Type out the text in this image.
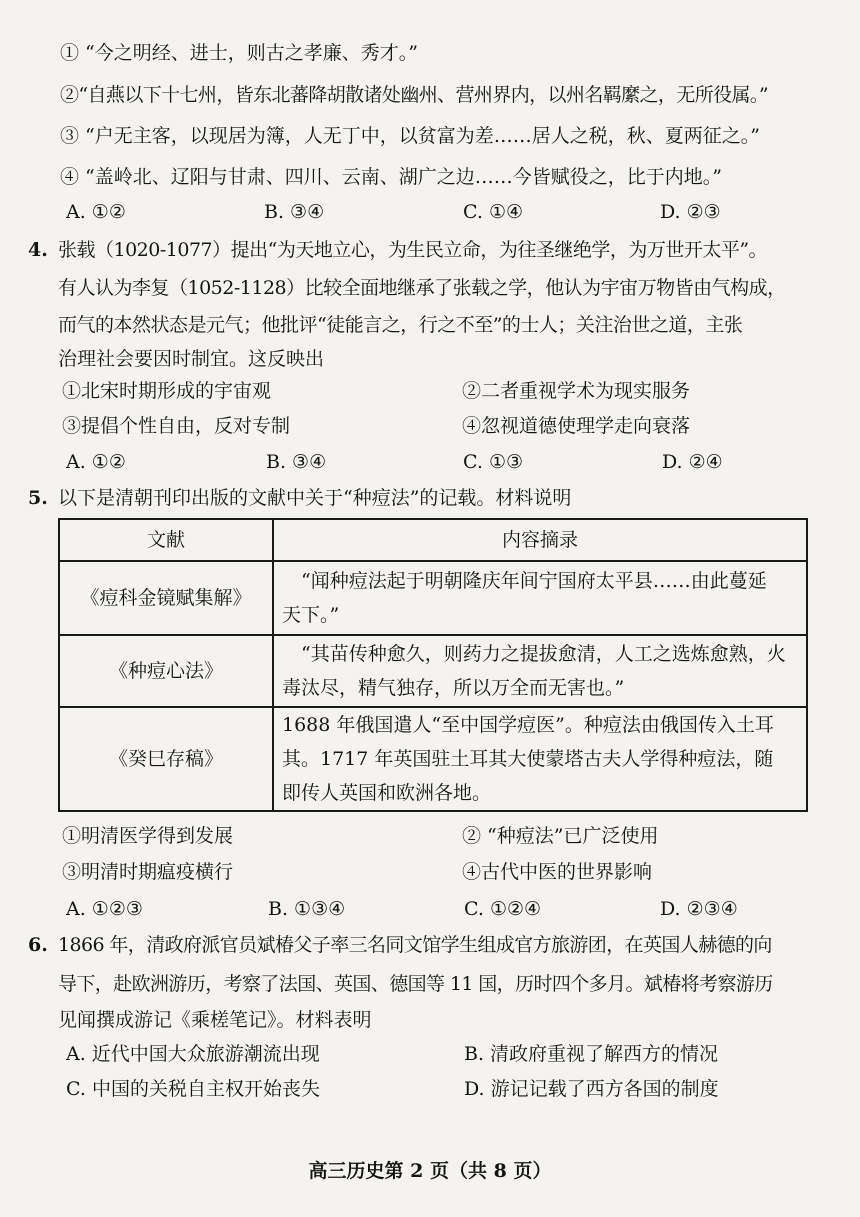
① “今之明经、进士，则古之孝廉、秀才。”
②“自燕以下十七州，皆东北蕃降胡散诸处幽州、营州界内，以州名羁縻之，无所役属。”
③ “户无主客，以现居为簿，人无丁中，以贫富为差……居人之税，秋、夏两征之。”
④ “盖岭北、辽阳与甘肃、四川、云南、湖广之边……今皆赋役之，比于内地。”
A. ①②	B. ③④	C. ①④	D. ②③
4. 张载（1020-1077）提出“为天地立心，为生民立命，为往圣继绝学，为万世开太平”。
有人认为李复（1052-1128）比较全面地继承了张载之学，他认为宇宙万物皆由气构成，
而气的本然状态是元气；他批评“徒能言之，行之不至”的士人；关注治世之道，主张
治理社会要因时制宜。这反映出
①北宋时期形成的宇宙观	②二者重视学术为现实服务
③提倡个性自由，反对专制	④忽视道德使理学走向衰落
A. ①②	B. ③④	C. ①③	D. ②④
5. 以下是清朝刊印出版的文献中关于“种痘法”的记载。材料说明
文献	内容摘录
《痘科金镜赋集解》	“闻种痘法起于明朝隆庆年间宁国府太平县……由此蔓延
天下。”

《种痘心法》	“其苗传种愈久，则药力之提拔愈清，人工之选炼愈熟，火
毒汰尽，精气独存，所以万全而无害也。”

《癸巳存稿》	1688 年俄国遣人“至中国学痘医”。种痘法由俄国传入土耳
其。1717 年英国驻土耳其大使蒙塔古夫人学得种痘法，随
即传人英国和欧洲各地。
①明清医学得到发展	② “种痘法”已广泛使用
③明清时期瘟疫横行	④古代中医的世界影响
A. ①②③	B. ①③④	C. ①②④	D. ②③④
6. 1866 年，清政府派官员斌椿父子率三名同文馆学生组成官方旅游团，在英国人赫德的向
导下，赴欧洲游历，考察了法国、英国、德国等 11 国，历时四个多月。斌椿将考察游历
见闻撰成游记《乘槎笔记》。材料表明
A. 近代中国大众旅游潮流出现	B. 清政府重视了解西方的情况
C. 中国的关税自主权开始丧失	D. 游记记载了西方各国的制度
高三历史第 2 页（共 8 页）
